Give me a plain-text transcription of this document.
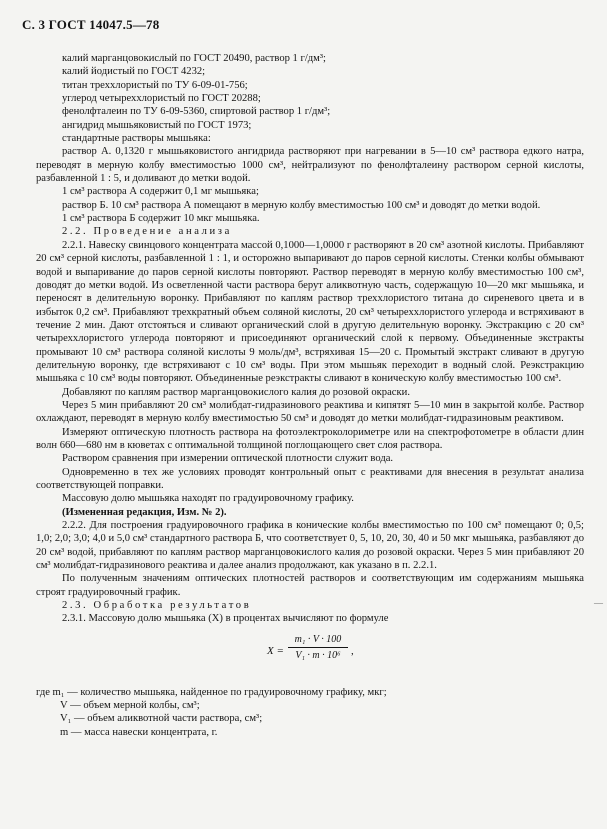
С. 3 ГОСТ 14047.5—78
—

калий марганцовокислый по ГОСТ 20490, раствор 1 г/дм³;

калий йодистый по ГОСТ 4232;

титан треххлористый по ТУ 6-09-01-756;

углерод четыреххлористый по ГОСТ 20288;

фенолфталеин по ТУ 6-09-5360, спиртовой раствор 1 г/дм³;

ангидрид мышьяковистый по ГОСТ 1973;

стандартные растворы мышьяка:

раствор А. 0,1320 г мышьяковистого ангидрида растворяют при нагревании в 5—10 см³ раствора едкого натра, переводят в мерную колбу вместимостью 1000 см³, нейтрализуют по фенолфталеину раствором серной кислоты, разбавленной 1 : 5, и доливают до метки водой.

1 см³ раствора А содержит 0,1 мг мышьяка;

раствор Б. 10 см³ раствора А помещают в мерную колбу вместимостью 100 см³ и доводят до метки водой.

1 см³ раствора Б содержит 10 мкг мышьяка.

2.2. Проведение анализа

2.2.1. Навеску свинцового концентрата массой 0,1000—1,0000 г растворяют в 20 см³ азотной кислоты. Прибавляют 20 см³ серной кислоты, разбавленной 1 : 1, и осторожно выпаривают до паров серной кислоты. Стенки колбы обмывают водой и выпаривание до паров серной кислоты повторяют. Раствор переводят в мерную колбу вместимостью 100 см³, доводят до метки водой. Из осветленной части раствора берут аликвотную часть, содержащую 10—20 мкг мышьяка, и переносят в делительную воронку. Прибавляют по каплям раствор треххлористого титана до сиреневого цвета и в избыток 0,2 см³. Прибавляют трехкратный объем соляной кислоты, 20 см³ четыреххлористого углерода и встряхивают в течение 2 мин. Дают отстояться и сливают органический слой в другую делительную воронку. Экстракцию с 20 см³ четыреххлористого углерода повторяют и присоединяют органический слой к первому. Объединенные экстракты промывают 10 см³ раствора соляной кислоты 9 моль/дм³, встряхивая 15—20 с. Промытый экстракт сливают в другую делительную воронку, где встряхивают с 10 см³ воды. При этом мышьяк переходит в водный слой. Реэкстракцию мышьяка с 10 см³ воды повторяют. Объединенные реэкстракты сливают в коническую колбу вместимостью 100 см³.

Добавляют по каплям раствор марганцовокислого калия до розовой окраски.

Через 5 мин прибавляют 20 см³ молибдат-гидразинового реактива и кипятят 5—10 мин в закрытой колбе. Раствор охлаждают, переводят в мерную колбу вместимостью 50 см³ и доводят до метки молибдат-гидразиновым реактивом.

Измеряют оптическую плотность раствора на фотоэлектроколориметре или на спектрофотометре в области длин волн 660—680 нм в кюветах с оптимальной толщиной поглощающего свет слоя раствора.

Раствором сравнения при измерении оптической плотности служит вода.

Одновременно в тех же условиях проводят контрольный опыт с реактивами для внесения в результат анализа соответствующей поправки.

Массовую долю мышьяка находят по градуировочному графику.

(Измененная редакция, Изм. № 2).

2.2.2. Для построения градуировочного графика в конические колбы вместимостью по 100 см³ помещают 0; 0,5; 1,0; 2,0; 3,0; 4,0 и 5,0 см³ стандартного раствора Б, что соответствует 0, 5, 10, 20, 30, 40 и 50 мкг мышьяка, разбавляют до 20 см³ водой, прибавляют по каплям раствор марганцовокислого калия до розовой окраски. Через 5 мин прибавляют 20 см³ молибдат-гидразинового реактива и далее анализ продолжают, как указано в п. 2.2.1.

По полученным значениям оптических плотностей растворов и соответствующим им содержаниям мышьяка строят градуировочный график.

2.3. Обработка результатов

2.3.1. Массовую долю мышьяка (X) в процентах вычисляют по формуле

$X = \frac{\text{m₁ · V · 100}}{\text{V₁ · m · 10⁶}}$ ,
где m₁ — количество мышьяка, найденное по градуировочному графику, мкг;
V — объем мерной колбы, см³;
V₁ — объем аликвотной части раствора, см³;
m — масса навески концентрата, г.
